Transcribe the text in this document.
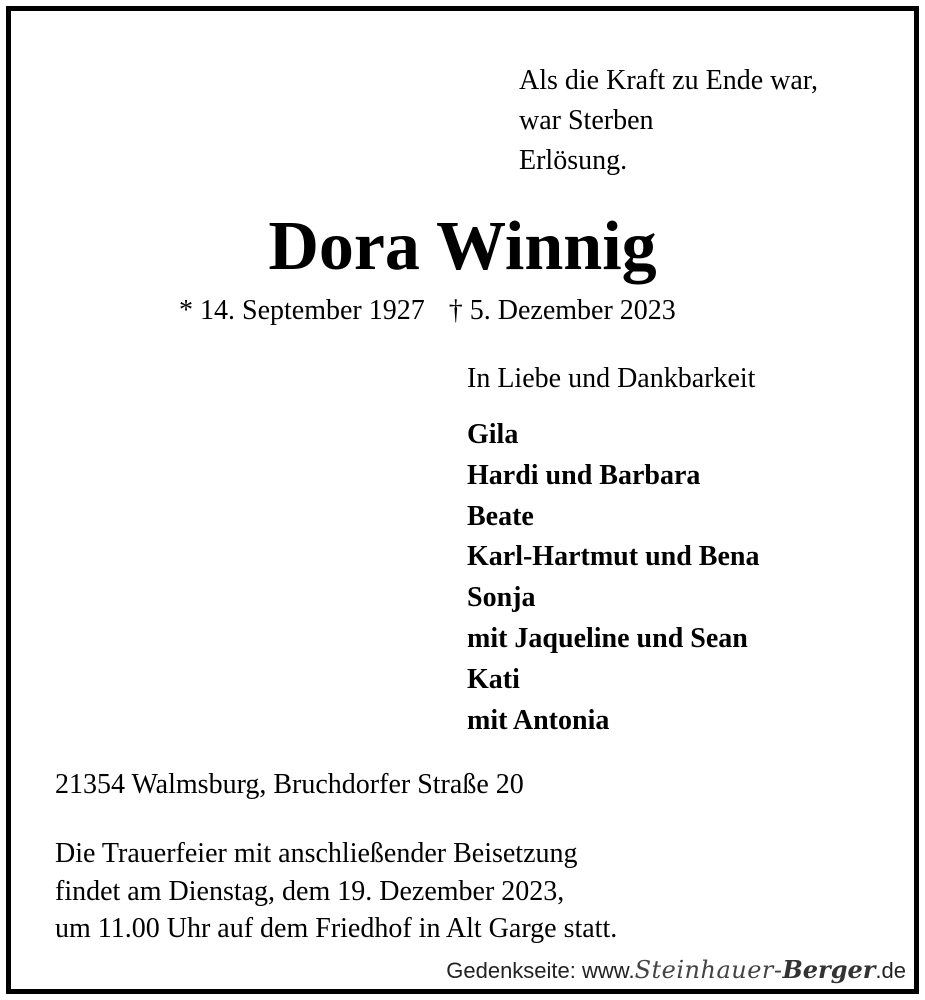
Als die Kraft zu Ende war,
war Sterben
Erlösung.
Dora Winnig
* 14. September 1927 † 5. Dezember 2023
In Liebe und Dankbarkeit
Gila
Hardi und Barbara
Beate
Karl-Hartmut und Bena
Sonja
mit Jaqueline und Sean
Kati
mit Antonia
21354 Walmsburg, Bruchdorfer Straße 20
Die Trauerfeier mit anschließender Beisetzung
findet am Dienstag, dem 19. Dezember 2023,
um 11.00 Uhr auf dem Friedhof in Alt Garge statt.
Gedenkseite: www.Steinhauer-Berger.de
